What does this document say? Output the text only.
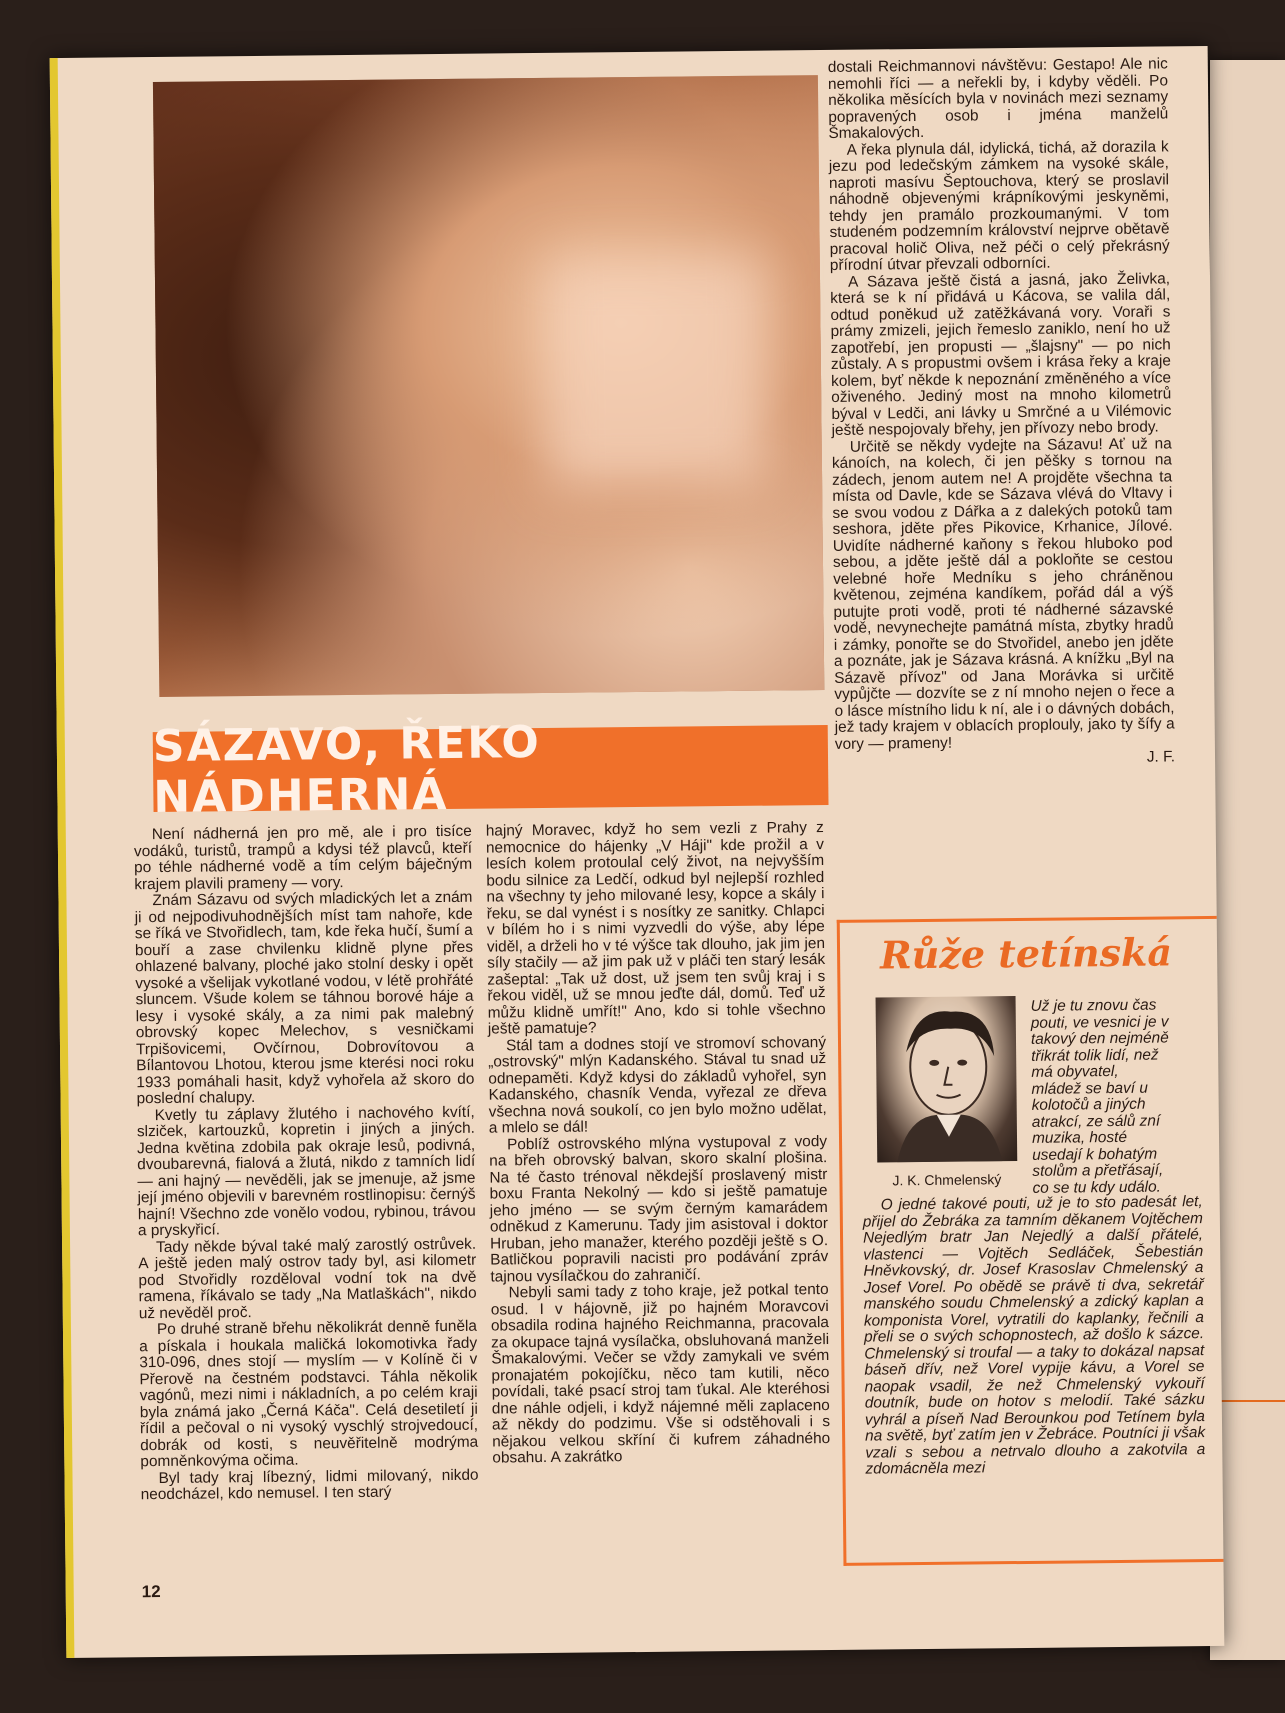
SÁZAVO, ŘEKO NÁDHERNÁ

Není nádherná jen pro mě, ale i pro tisíce vodáků, turistů, trampů a kdysi též plavců, kteří po téhle nádherné vodě a tím celým báječným krajem plavili prameny — vory.

Znám Sázavu od svých mladických let a znám ji od nejpodivuhodnějších míst tam nahoře, kde se říká ve Stvořidlech, tam, kde řeka hučí, šumí a bouří a zase chvilenku klidně plyne přes ohlazené balvany, ploché jako stolní desky i opět vysoké a všelijak vykotlané vodou, v létě prohřáté sluncem. Všude kolem se táhnou borové háje a lesy i vysoké skály, a za nimi pak malebný obrovský kopec Melechov, s vesničkami Trpišovicemi, Ovčírnou, Dobrovítovou a Bílantovou Lhotou, kterou jsme kterési noci roku 1933 pomáhali hasit, když vyhořela až skoro do poslední chalupy.

Kvetly tu záplavy žlutého i nachového kvítí, slziček, kartouzků, kopretin i jiných a jiných. Jedna květina zdobila pak okraje lesů, podivná, dvoubarevná, fialová a žlutá, nikdo z tamních lidí — ani hajný — nevěděli, jak se jmenuje, až jsme její jméno objevili v barevném rostlinopisu: černýš hajní! Všechno zde vonělo vodou, rybinou, trávou a pryskyřicí.

Tady někde býval také malý zarostlý ostrůvek. A ještě jeden malý ostrov tady byl, asi kilometr pod Stvořidly rozděloval vodní tok na dvě ramena, říkávalo se tady „Na Matlaškách", nikdo už nevěděl proč.

Po druhé straně břehu několikrát denně funěla a pískala i houkala maličká lokomotivka řady 310-096, dnes stojí — myslím — v Kolíně či v Přerově na čestném podstavci. Táhla několik vagónů, mezi nimi i nákladních, a po celém kraji byla známá jako „Černá Káča". Celá desetiletí ji řídil a pečoval o ni vysoký vyschlý strojvedoucí, dobrák od kosti, s neuvěřitelně modrýma pomněnkovýma očima.

Byl tady kraj líbezný, lidmi milovaný, nikdo neodcházel, kdo nemusel. I ten starý

hajný Moravec, když ho sem vezli z Prahy z nemocnice do hájenky „V Háji" kde prožil a v lesích kolem protoulal celý život, na nejvyšším bodu silnice za Ledčí, odkud byl nejlepší rozhled na všechny ty jeho milované lesy, kopce a skály i řeku, se dal vynést i s nosítky ze sanitky. Chlapci v bílém ho i s nimi vyzvedli do výše, aby lépe viděl, a drželi ho v té výšce tak dlouho, jak jim jen síly stačily — až jim pak už v pláči ten starý lesák zašeptal: „Tak už dost, už jsem ten svůj kraj i s řekou viděl, už se mnou jeďte dál, domů. Teď už můžu klidně umřít!" Ano, kdo si tohle všechno ještě pamatuje?

Stál tam a dodnes stojí ve stromoví schovaný „ostrovský" mlýn Kadanského. Stával tu snad už odnepaměti. Když kdysi do základů vyhořel, syn Kadanského, chasník Venda, vyřezal ze dřeva všechna nová soukolí, co jen bylo možno udělat, a mlelo se dál!

Poblíž ostrovského mlýna vystupoval z vody na břeh obrovský balvan, skoro skalní plošina. Na té často trénoval někdejší proslavený mistr boxu Franta Nekolný — kdo si ještě pamatuje jeho jméno — se svým černým kamarádem odněkud z Kamerunu. Tady jim asistoval i doktor Hruban, jeho manažer, kterého později ještě s O. Batličkou popravili nacisti pro podávání zpráv tajnou vysílačkou do zahraničí.

Nebyli sami tady z toho kraje, jež potkal tento osud. I v hájovně, již po hajném Moravcovi obsadila rodina hajného Reichmanna, pracovala za okupace tajná vysílačka, obsluhovaná manželi Šmakalovými. Večer se vždy zamykali ve svém pronajatém pokojíčku, něco tam kutili, něco povídali, také psací stroj tam ťukal. Ale kteréhosi dne náhle odjeli, i když nájemné měli zaplaceno až někdy do podzimu. Vše si odstěhovali i s nějakou velkou skříní či kufrem záhadného obsahu. A zakrátko

dostali Reichmannovi návštěvu: Gestapo! Ale nic nemohli říci — a neřekli by, i kdyby věděli. Po několika měsících byla v novinách mezi seznamy popravených osob i jména manželů Šmakalových.

A řeka plynula dál, idylická, tichá, až dorazila k jezu pod ledečským zámkem na vysoké skále, naproti masívu Šeptouchova, který se proslavil náhodně objevenými krápníkovými jeskyněmi, tehdy jen pramálo prozkoumanými. V tom studeném podzemním království nejprve obětavě pracoval holič Oliva, než péči o celý překrásný přírodní útvar převzali odborníci.

A Sázava ještě čistá a jasná, jako Želivka, která se k ní přidává u Kácova, se valila dál, odtud poněkud už zatěžkávaná vory. Voraři s prámy zmizeli, jejich řemeslo zaniklo, není ho už zapotřebí, jen propusti — „šlajsny" — po nich zůstaly. A s propustmi ovšem i krása řeky a kraje kolem, byť někde k nepoznání změněného a více oživeného. Jediný most na mnoho kilometrů býval v Ledči, ani lávky u Smrčné a u Vilémovic ještě nespojovaly břehy, jen přívozy nebo brody.

Určitě se někdy vydejte na Sázavu! Ať už na kánoích, na kolech, či jen pěšky s tornou na zádech, jenom autem ne! A projděte všechna ta místa od Davle, kde se Sázava vlévá do Vltavy i se svou vodou z Dářka a z dalekých potoků tam seshora, jděte přes Pikovice, Krhanice, Jílové. Uvidíte nádherné kaňony s řekou hluboko pod sebou, a jděte ještě dál a pokloňte se cestou velebné hoře Medníku s jeho chráněnou květenou, zejména kandíkem, pořád dál a výš putujte proti vodě, proti té nádherné sázavské vodě, nevynechejte památná místa, zbytky hradů i zámky, ponořte se do Stvořidel, anebo jen jděte a poznáte, jak je Sázava krásná. A knížku „Byl na Sázavě přívoz" od Jana Morávka si určitě vypůjčte — dozvíte se z ní mnoho nejen o řece a o lásce místního lidu k ní, ale i o dávných dobách, jež tady krajem v oblacích proplouly, jako ty šífy a vory — prameny!

J. F.
12
Růže tetínská
J. K. Chmelenský
Už je tu znovu čas pouti, ve vesnici je v takový den nejméně třikrát tolik lidí, než má obyvatel, mládež se baví u kolotočů a jiných atrakcí, ze sálů zní muzika, hosté usedají k bohatým stolům a přetřásají, co se tu kdy událo.

O jedné takové pouti, už je to sto padesát let, přijel do Žebráka za tamním děkanem Vojtěchem Nejedlým bratr Jan Nejedlý a další přátelé, vlastenci — Vojtěch Sedláček, Šebestián Hněvkovský, dr. Josef Krasoslav Chmelenský a Josef Vorel. Po obědě se právě ti dva, sekretář manského soudu Chmelenský a zdický kaplan a komponista Vorel, vytratili do kaplanky, řečnili a přeli se o svých schopnostech, až došlo k sázce. Chmelenský si troufal — a taky to dokázal napsat báseň dřív, než Vorel vypije kávu, a Vorel se naopak vsadil, že než Chmelenský vykouří doutník, bude on hotov s melodií. Také sázku vyhrál a píseň Nad Berounkou pod Tetínem byla na světě, byť zatím jen v Žebráce. Poutníci ji však vzali s sebou a netrvalo dlouho a zakotvila a zdomácněla mezi
